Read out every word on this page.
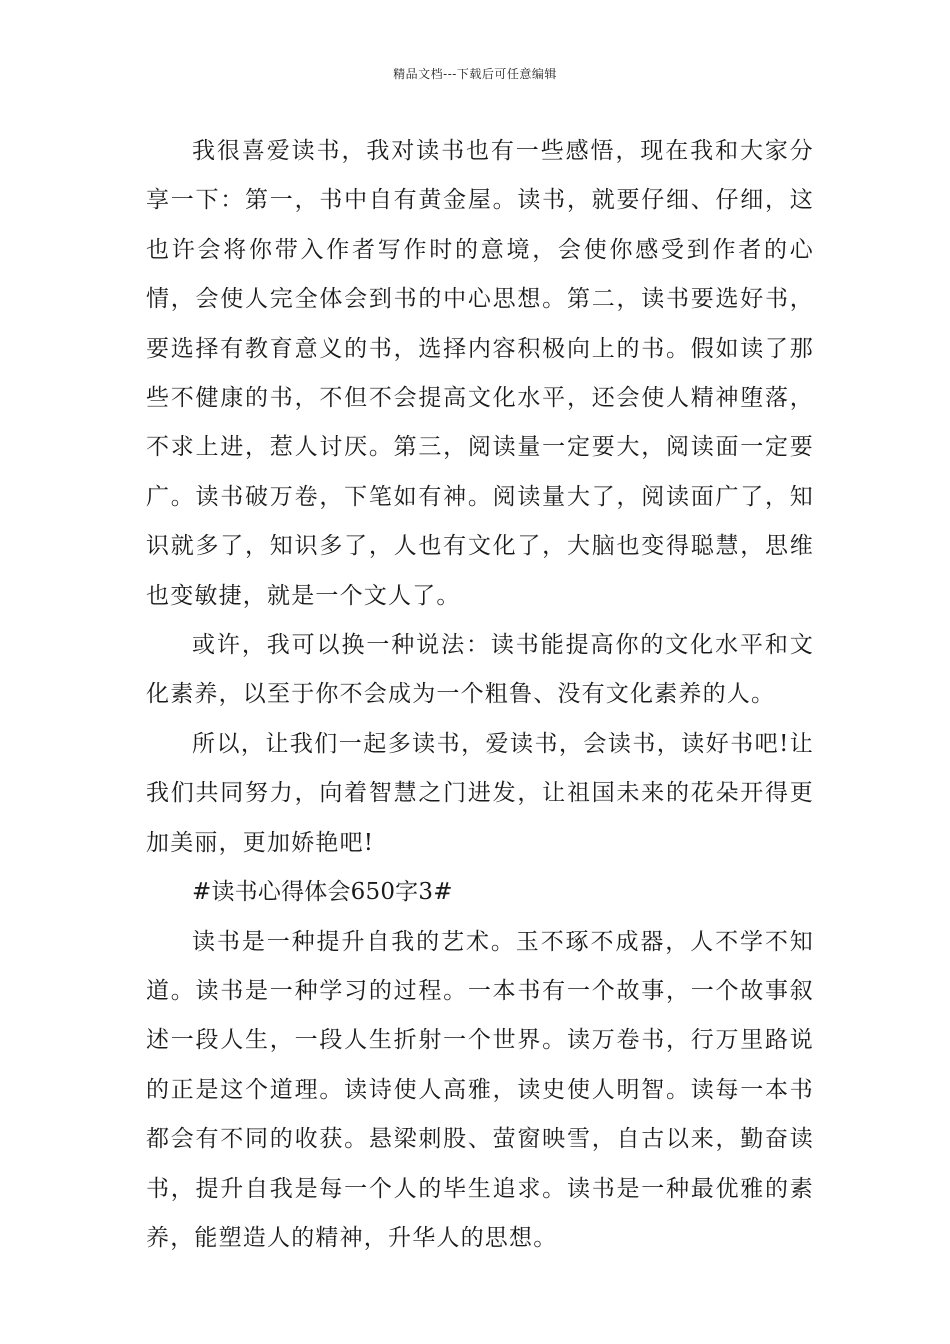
精品文档---下载后可任意编辑

我很喜爱读书，我对读书也有一些感悟，现在我和大家分享一下：第一，书中自有黄金屋。读书，就要仔细、仔细，这也许会将你带入作者写作时的意境，会使你感受到作者的心情，会使人完全体会到书的中心思想。第二，读书要选好书，要选择有教育意义的书，选择内容积极向上的书。假如读了那些不健康的书，不但不会提高文化水平，还会使人精神堕落，不求上进，惹人讨厌。第三，阅读量一定要大，阅读面一定要广。读书破万卷，下笔如有神。阅读量大了，阅读面广了，知识就多了，知识多了，人也有文化了，大脑也变得聪慧，思维也变敏捷，就是一个文人了。

或许，我可以换一种说法：读书能提高你的文化水平和文化素养，以至于你不会成为一个粗鲁、没有文化素养的人。

所以，让我们一起多读书，爱读书，会读书，读好书吧!让我们共同努力，向着智慧之门进发，让祖国未来的花朵开得更加美丽，更加娇艳吧!

#读书心得体会650字3#

读书是一种提升自我的艺术。玉不琢不成器，人不学不知道。读书是一种学习的过程。一本书有一个故事，一个故事叙述一段人生，一段人生折射一个世界。读万卷书，行万里路说的正是这个道理。读诗使人高雅，读史使人明智。读每一本书都会有不同的收获。悬梁刺股、萤窗映雪，自古以来，勤奋读书，提升自我是每一个人的毕生追求。读书是一种最优雅的素养，能塑造人的精神，升华人的思想。
